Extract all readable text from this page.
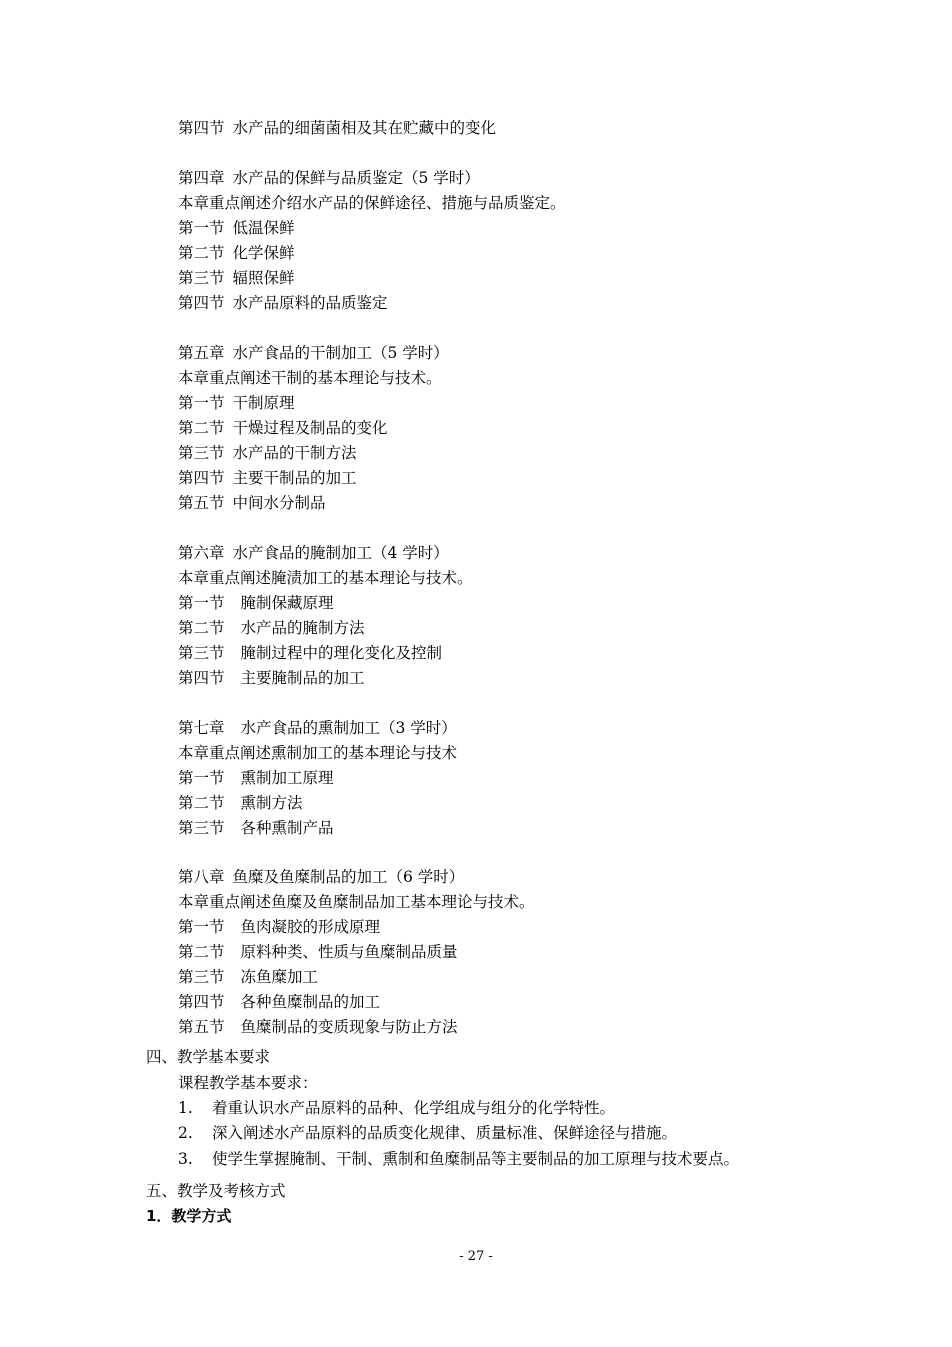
第四节 水产品的细菌菌相及其在贮藏中的变化
第四章 水产品的保鲜与品质鉴定（5 学时）
本章重点阐述介绍水产品的保鲜途径、措施与品质鉴定。
第一节 低温保鲜
第二节 化学保鲜
第三节 辐照保鲜
第四节 水产品原料的品质鉴定
第五章 水产食品的干制加工（5 学时）
本章重点阐述干制的基本理论与技术。
第一节 干制原理
第二节 干燥过程及制品的变化
第三节 水产品的干制方法
第四节 主要干制品的加工
第五节 中间水分制品
第六章 水产食品的腌制加工（4 学时）
本章重点阐述腌渍加工的基本理论与技术。
第一节 腌制保藏原理
第二节 水产品的腌制方法
第三节 腌制过程中的理化变化及控制
第四节 主要腌制品的加工
第七章 水产食品的熏制加工（3 学时）
本章重点阐述熏制加工的基本理论与技术
第一节 熏制加工原理
第二节 熏制方法
第三节 各种熏制产品
第八章 鱼糜及鱼糜制品的加工（6 学时）
本章重点阐述鱼糜及鱼糜制品加工基本理论与技术。
第一节 鱼肉凝胶的形成原理
第二节 原料种类、性质与鱼糜制品质量
第三节 冻鱼糜加工
第四节 各种鱼糜制品的加工
第五节 鱼糜制品的变质现象与防止方法
四、教学基本要求
课程教学基本要求：
1. 着重认识水产品原料的品种、化学组成与组分的化学特性。
2. 深入阐述水产品原料的品质变化规律、质量标准、保鲜途径与措施。
3. 使学生掌握腌制、干制、熏制和鱼糜制品等主要制品的加工原理与技术要点。
五、教学及考核方式
1．教学方式
- 27 -
